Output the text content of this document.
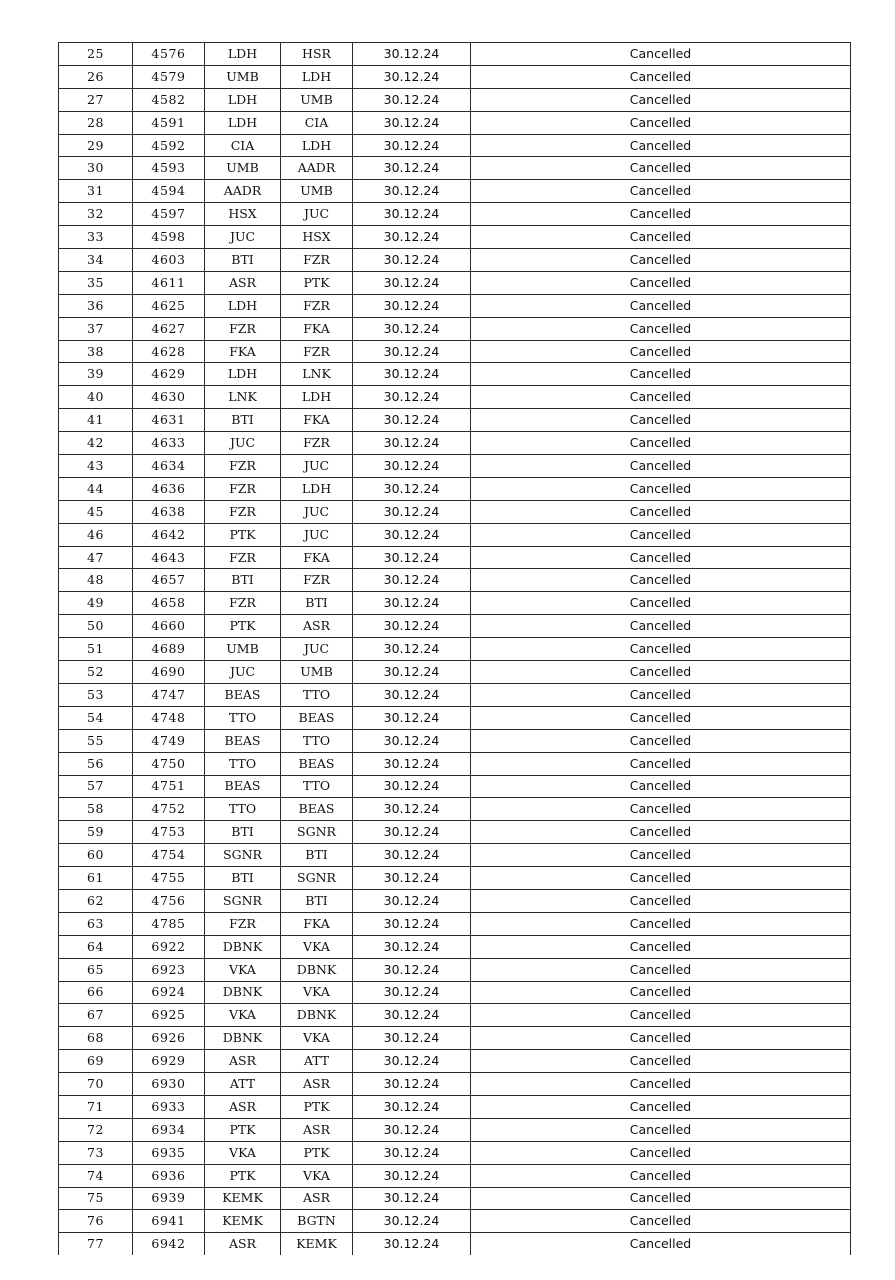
25	4576	LDH	HSR	30.12.24	Cancelled
26	4579	UMB	LDH	30.12.24	Cancelled
27	4582	LDH	UMB	30.12.24	Cancelled
28	4591	LDH	CIA	30.12.24	Cancelled
29	4592	CIA	LDH	30.12.24	Cancelled
30	4593	UMB	AADR	30.12.24	Cancelled
31	4594	AADR	UMB	30.12.24	Cancelled
32	4597	HSX	JUC	30.12.24	Cancelled
33	4598	JUC	HSX	30.12.24	Cancelled
34	4603	BTI	FZR	30.12.24	Cancelled
35	4611	ASR	PTK	30.12.24	Cancelled
36	4625	LDH	FZR	30.12.24	Cancelled
37	4627	FZR	FKA	30.12.24	Cancelled
38	4628	FKA	FZR	30.12.24	Cancelled
39	4629	LDH	LNK	30.12.24	Cancelled
40	4630	LNK	LDH	30.12.24	Cancelled
41	4631	BTI	FKA	30.12.24	Cancelled
42	4633	JUC	FZR	30.12.24	Cancelled
43	4634	FZR	JUC	30.12.24	Cancelled
44	4636	FZR	LDH	30.12.24	Cancelled
45	4638	FZR	JUC	30.12.24	Cancelled
46	4642	PTK	JUC	30.12.24	Cancelled
47	4643	FZR	FKA	30.12.24	Cancelled
48	4657	BTI	FZR	30.12.24	Cancelled
49	4658	FZR	BTI	30.12.24	Cancelled
50	4660	PTK	ASR	30.12.24	Cancelled
51	4689	UMB	JUC	30.12.24	Cancelled
52	4690	JUC	UMB	30.12.24	Cancelled
53	4747	BEAS	TTO	30.12.24	Cancelled
54	4748	TTO	BEAS	30.12.24	Cancelled
55	4749	BEAS	TTO	30.12.24	Cancelled
56	4750	TTO	BEAS	30.12.24	Cancelled
57	4751	BEAS	TTO	30.12.24	Cancelled
58	4752	TTO	BEAS	30.12.24	Cancelled
59	4753	BTI	SGNR	30.12.24	Cancelled
60	4754	SGNR	BTI	30.12.24	Cancelled
61	4755	BTI	SGNR	30.12.24	Cancelled
62	4756	SGNR	BTI	30.12.24	Cancelled
63	4785	FZR	FKA	30.12.24	Cancelled
64	6922	DBNK	VKA	30.12.24	Cancelled
65	6923	VKA	DBNK	30.12.24	Cancelled
66	6924	DBNK	VKA	30.12.24	Cancelled
67	6925	VKA	DBNK	30.12.24	Cancelled
68	6926	DBNK	VKA	30.12.24	Cancelled
69	6929	ASR	ATT	30.12.24	Cancelled
70	6930	ATT	ASR	30.12.24	Cancelled
71	6933	ASR	PTK	30.12.24	Cancelled
72	6934	PTK	ASR	30.12.24	Cancelled
73	6935	VKA	PTK	30.12.24	Cancelled
74	6936	PTK	VKA	30.12.24	Cancelled
75	6939	KEMK	ASR	30.12.24	Cancelled
76	6941	KEMK	BGTN	30.12.24	Cancelled
77	6942	ASR	KEMK	30.12.24	Cancelled
